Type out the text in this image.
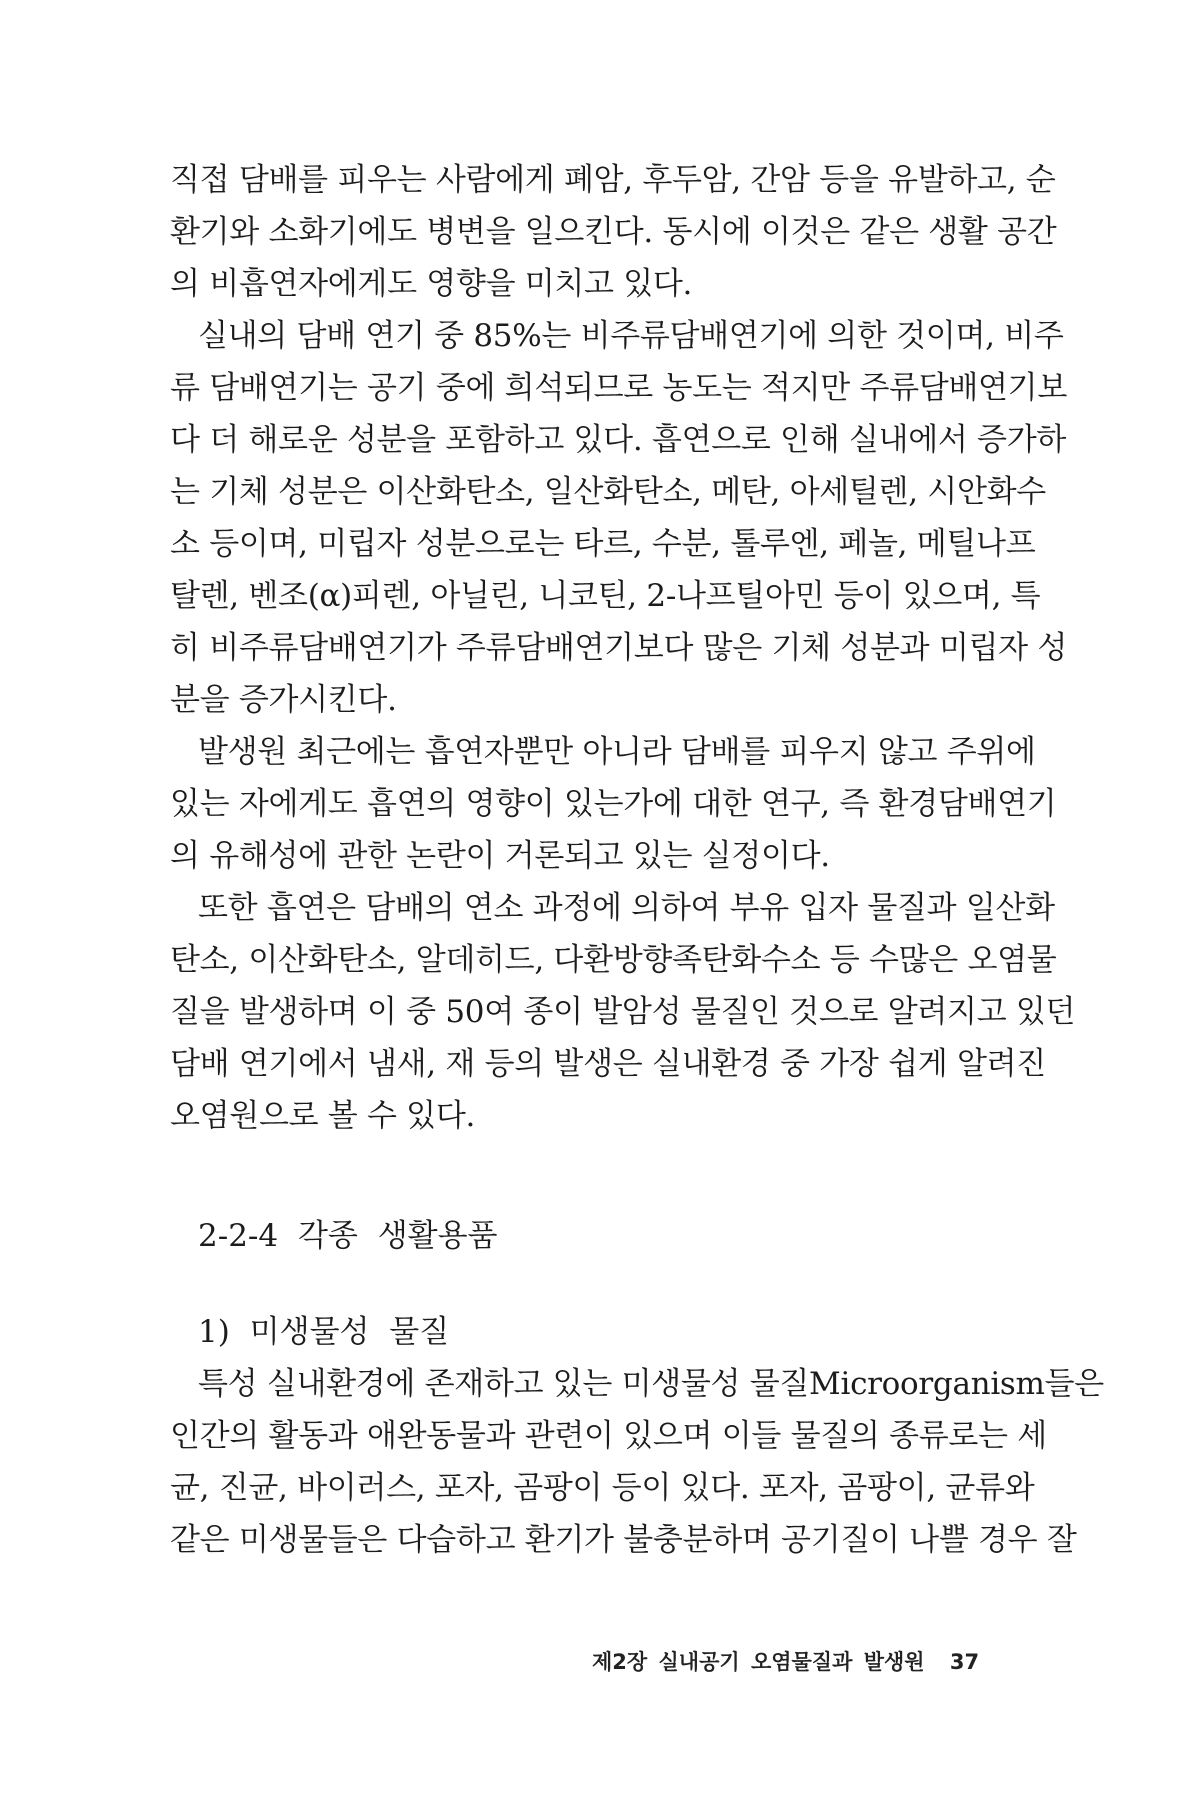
직접 담배를 피우는 사람에게 폐암, 후두암, 간암 등을 유발하고, 순

환기와 소화기에도 병변을 일으킨다. 동시에 이것은 같은 생활 공간

의 비흡연자에게도 영향을 미치고 있다.

실내의 담배 연기 중 85%는 비주류담배연기에 의한 것이며, 비주

류 담배연기는 공기 중에 희석되므로 농도는 적지만 주류담배연기보

다 더 해로운 성분을 포함하고 있다. 흡연으로 인해 실내에서 증가하

는 기체 성분은 이산화탄소, 일산화탄소, 메탄, 아세틸렌, 시안화수

소 등이며, 미립자 성분으로는 타르, 수분, 톨루엔, 페놀, 메틸나프

탈렌, 벤조(α)피렌, 아닐린, 니코틴, 2-나프틸아민 등이 있으며, 특

히 비주류담배연기가 주류담배연기보다 많은 기체 성분과 미립자 성

분을 증가시킨다.

발생원 최근에는 흡연자뿐만 아니라 담배를 피우지 않고 주위에

있는 자에게도 흡연의 영향이 있는가에 대한 연구, 즉 환경담배연기

의 유해성에 관한 논란이 거론되고 있는 실정이다.

또한 흡연은 담배의 연소 과정에 의하여 부유 입자 물질과 일산화

탄소, 이산화탄소, 알데히드, 다환방향족탄화수소 등 수많은 오염물

질을 발생하며 이 중 50여 종이 발암성 물질인 것으로 알려지고 있던

담배 연기에서 냄새, 재 등의 발생은 실내환경 중 가장 쉽게 알려진

오염원으로 볼 수 있다.

2-2-4 각종 생활용품
1) 미생물성 물질

특성 실내환경에 존재하고 있는 미생물성 물질Microorganism들은

인간의 활동과 애완동물과 관련이 있으며 이들 물질의 종류로는 세

균, 진균, 바이러스, 포자, 곰팡이 등이 있다. 포자, 곰팡이, 균류와

같은 미생물들은 다습하고 환기가 불충분하며 공기질이 나쁠 경우 잘

제2장 실내공기 오염물질과 발생원 37
